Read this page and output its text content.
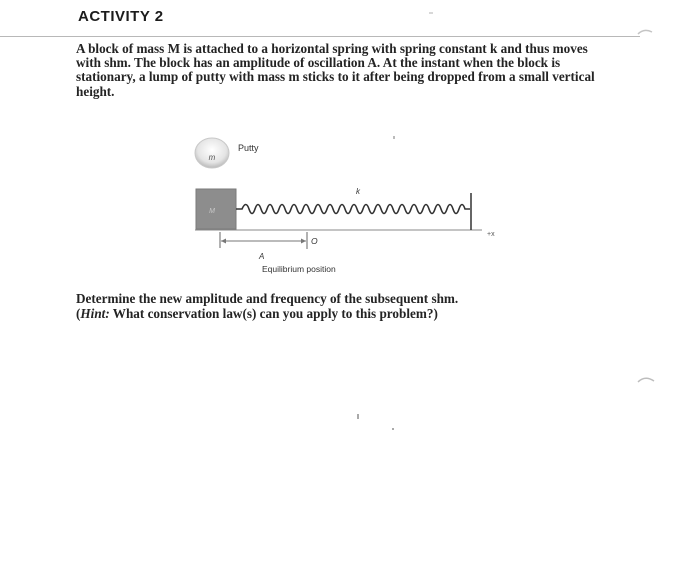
ACTIVITY 2

A block of mass M is attached to a horizontal spring with spring constant k and thus moves with shm. The block has an amplitude of oscillation A. At the instant when the block is stationary, a lump of putty with mass m sticks to it after being dropped from a small vertical height.

m
Putty
M
k
+x
A
O
Equilibrium position

Determine the new amplitude and frequency of the subsequent shm.

(Hint: What conservation law(s) can you apply to this problem?)
